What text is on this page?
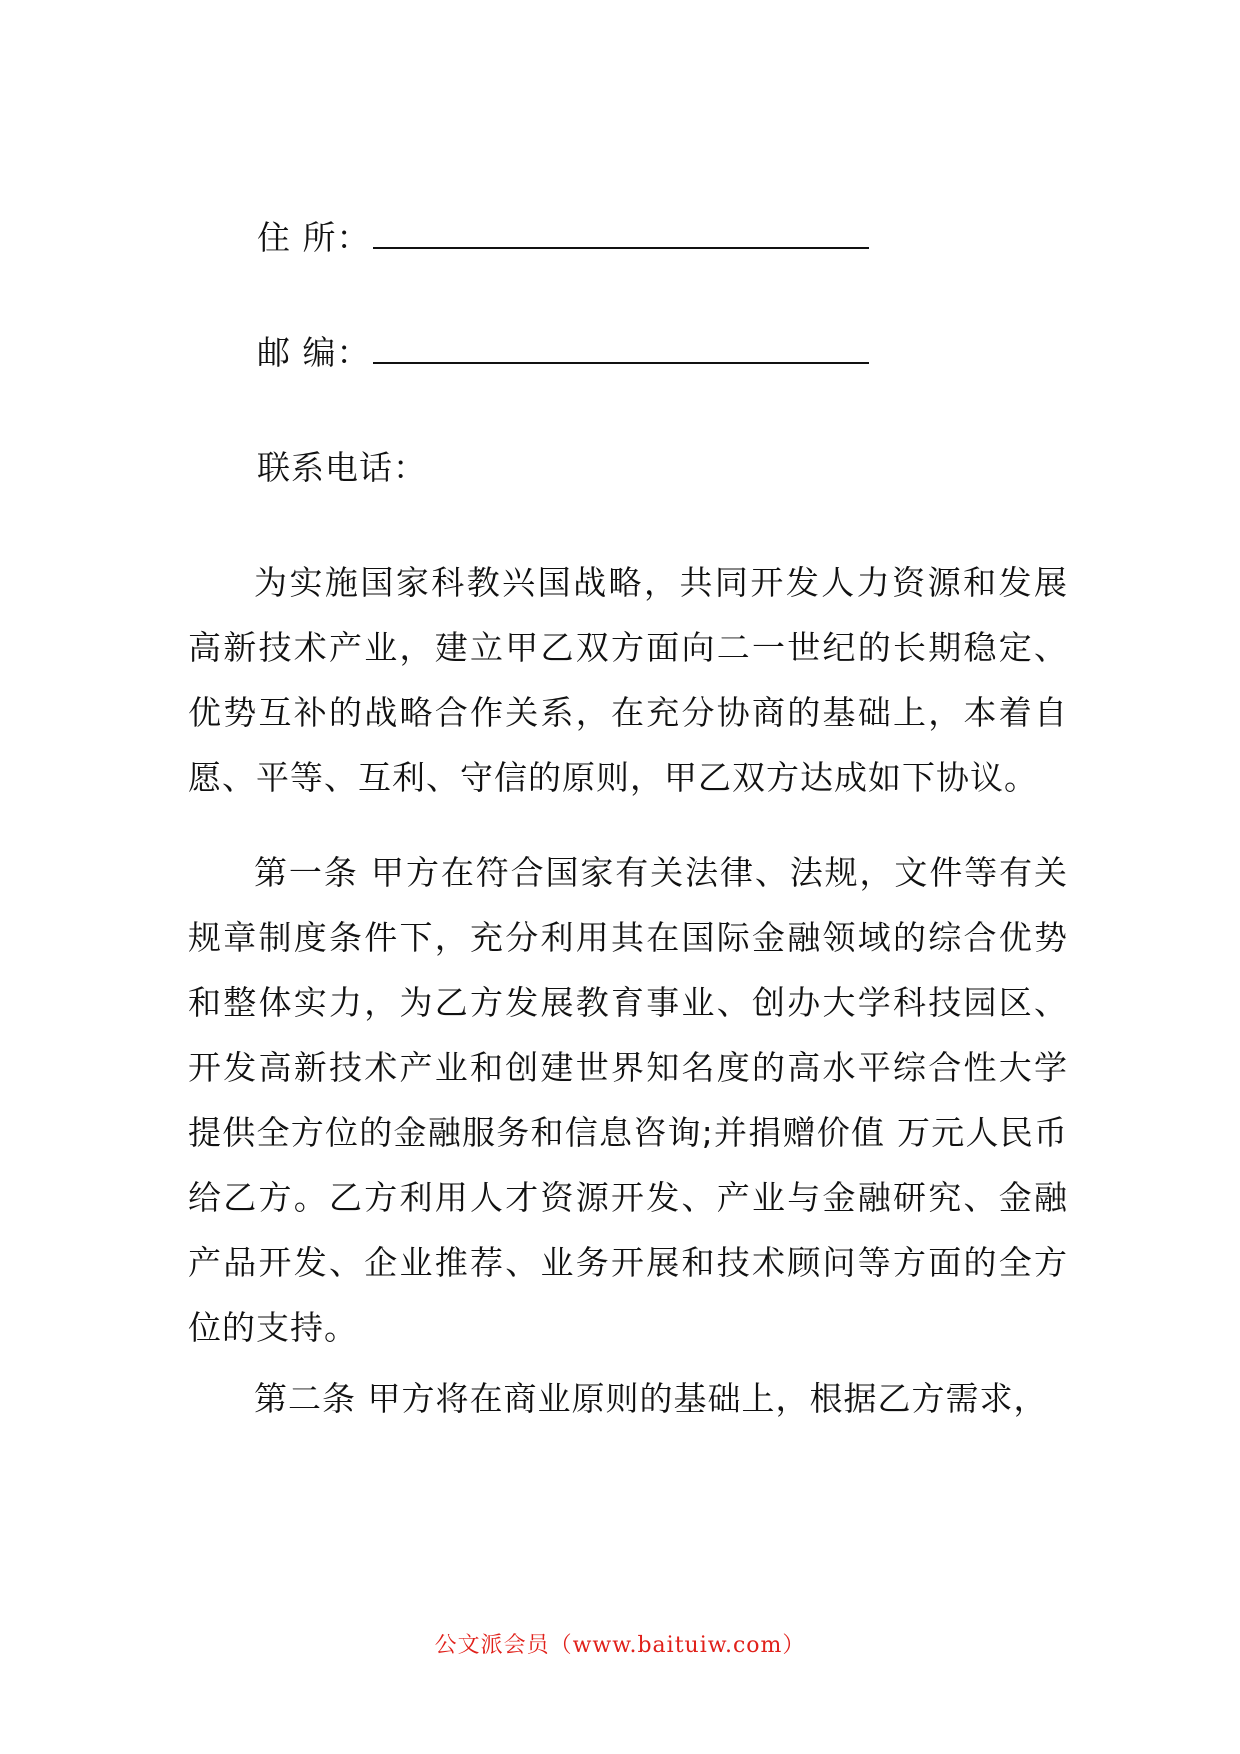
住 所：
邮 编：
联系电话：

为实施国家科教兴国战略，共同开发人力资源和发展高新技术产业，建立甲乙双方面向二一世纪的长期稳定、优势互补的战略合作关系，在充分协商的基础上，本着自愿、平等、互利、守信的原则，甲乙双方达成如下协议。

第一条 甲方在符合国家有关法律、法规，文件等有关规章制度条件下，充分利用其在国际金融领域的综合优势和整体实力，为乙方发展教育事业、创办大学科技园区、开发高新技术产业和创建世界知名度的高水平综合性大学提供全方位的金融服务和信息咨询;并捐赠价值 万元人民币给乙方。乙方利用人才资源开发、产业与金融研究、金融产品开发、企业推荐、业务开展和技术顾问等方面的全方位的支持。

第二条 甲方将在商业原则的基础上，根据乙方需求，

公文派会员（www.baituiw.com）
